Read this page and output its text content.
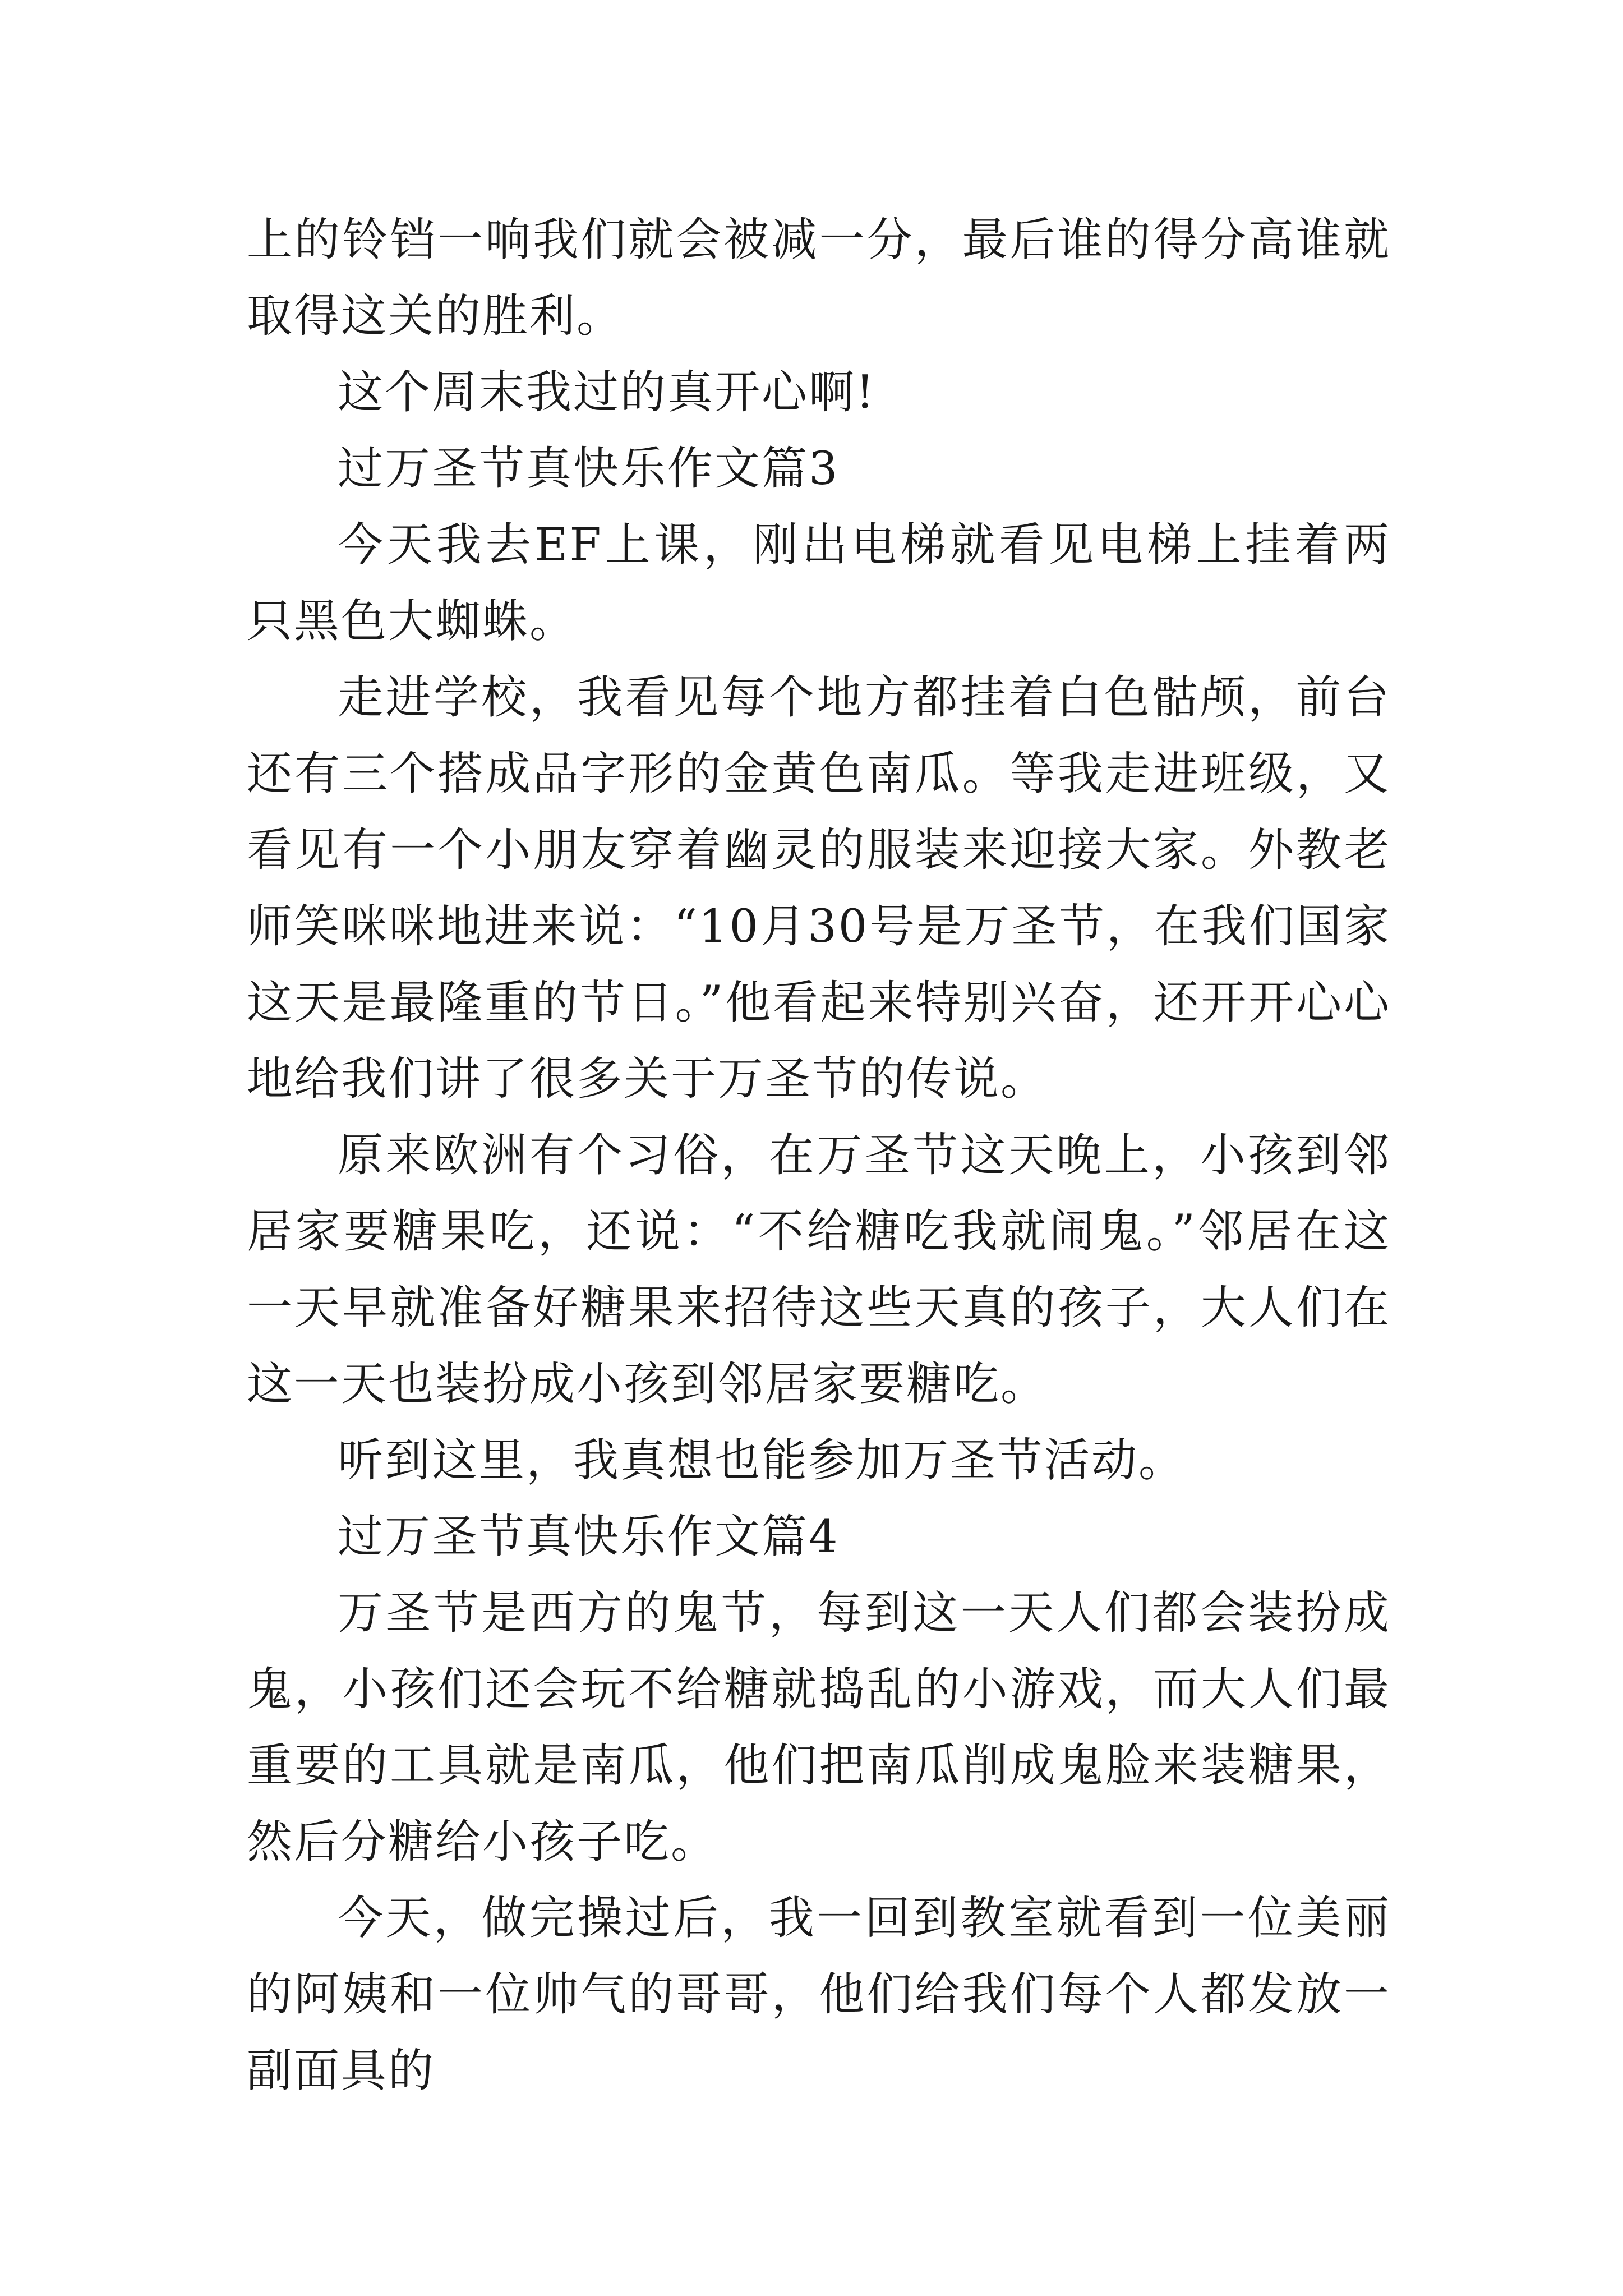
上的铃铛一响我们就会被减一分，最后谁的得分高谁就取得这关的胜利。

这个周末我过的真开心啊!

过万圣节真快乐作文篇3

今天我去EF上课，刚出电梯就看见电梯上挂着两只黑色大蜘蛛。

走进学校，我看见每个地方都挂着白色骷颅，前台还有三个搭成品字形的金黄色南瓜。等我走进班级，又看见有一个小朋友穿着幽灵的服装来迎接大家。外教老师笑咪咪地进来说：“10月30号是万圣节，在我们国家这天是最隆重的节日。”他看起来特别兴奋，还开开心心地给我们讲了很多关于万圣节的传说。

原来欧洲有个习俗，在万圣节这天晚上，小孩到邻居家要糖果吃，还说：“不给糖吃我就闹鬼。”邻居在这一天早就准备好糖果来招待这些天真的孩子，大人们在这一天也装扮成小孩到邻居家要糖吃。

听到这里，我真想也能参加万圣节活动。

过万圣节真快乐作文篇4

万圣节是西方的鬼节，每到这一天人们都会装扮成鬼，小孩们还会玩不给糖就捣乱的小游戏，而大人们最重要的工具就是南瓜，他们把南瓜削成鬼脸来装糖果，然后分糖给小孩子吃。

今天，做完操过后，我一回到教室就看到一位美丽的阿姨和一位帅气的哥哥，他们给我们每个人都发放一副面具的
